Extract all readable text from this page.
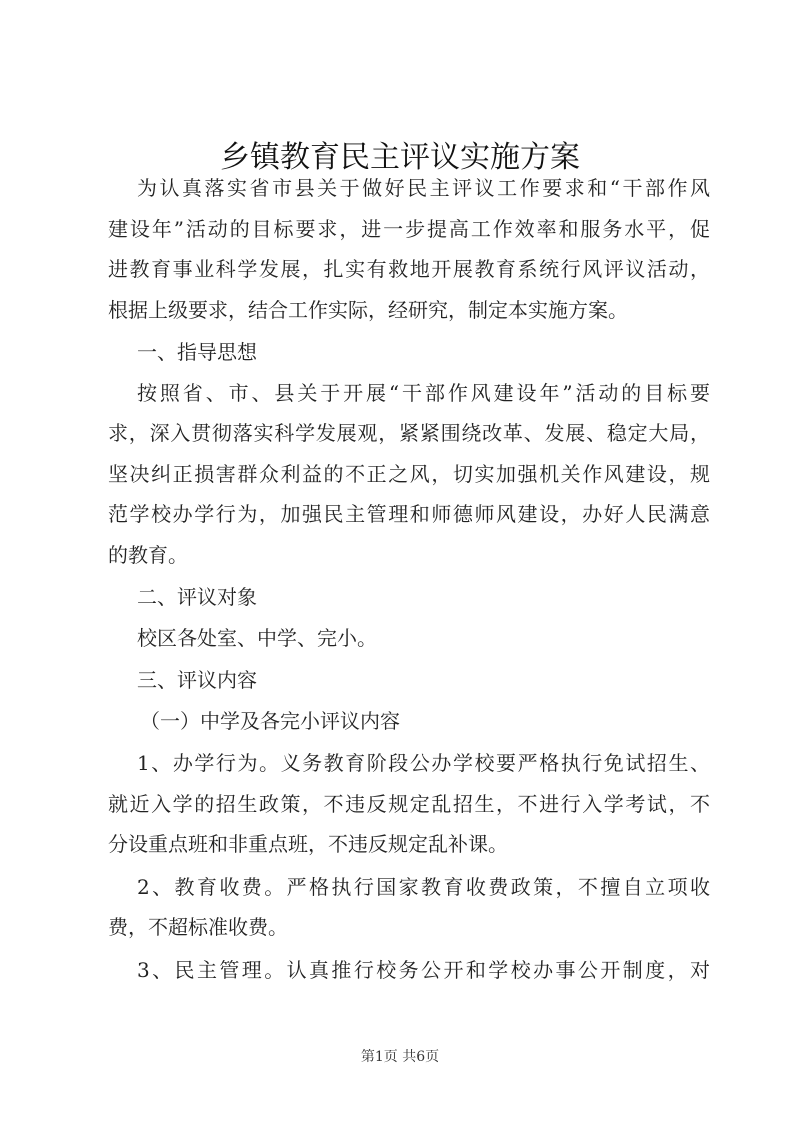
乡镇教育民主评议实施方案
为认真落实省市县关于做好民主评议工作要求和“干部作风
建设年”活动的目标要求，进一步提高工作效率和服务水平，促
进教育事业科学发展，扎实有救地开展教育系统行风评议活动，
根据上级要求，结合工作实际，经研究，制定本实施方案。
一、指导思想
按照省、市、县关于开展“干部作风建设年”活动的目标要
求，深入贯彻落实科学发展观，紧紧围绕改革、发展、稳定大局，
坚决纠正损害群众利益的不正之风，切实加强机关作风建设，规
范学校办学行为，加强民主管理和师德师风建设，办好人民满意
的教育。
二、评议对象
校区各处室、中学、完小。
三、评议内容
（一）中学及各完小评议内容
1、办学行为。义务教育阶段公办学校要严格执行免试招生、
就近入学的招生政策，不违反规定乱招生，不进行入学考试，不
分设重点班和非重点班，不违反规定乱补课。
2、教育收费。严格执行国家教育收费政策，不擅自立项收
费，不超标准收费。
3、民主管理。认真推行校务公开和学校办事公开制度，对
第1页 共6页
